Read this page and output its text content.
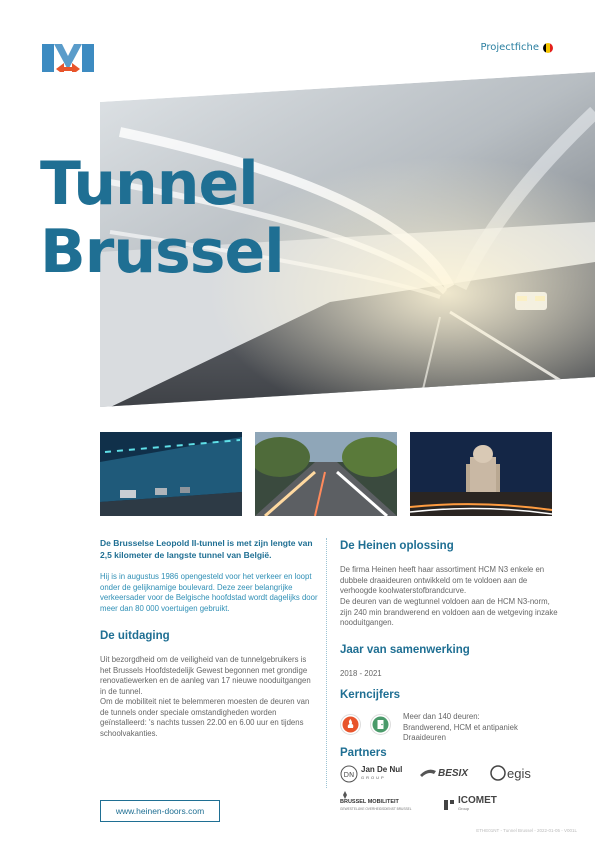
Projectfiche
Tunnel
Brussel
De Brusselse Leopold II-tunnel is met zijn lengte van 2,5 kilometer de langste tunnel van België.
Hij is in augustus 1986 opengesteld voor het verkeer en loopt onder de gelijknamige boulevard. Deze zeer belangrijke verkeersader voor de Belgische hoofdstad wordt dagelijks door meer dan 80 000 voertuigen gebruikt.
De uitdaging
Uit bezorgdheid om de veiligheid van de tunnelgebruikers is het Brussels Hoofdstedelijk Gewest begonnen met grondige renovatiewerken en de aanleg van 17 nieuwe nooduitgangen in de tunnel.
Om de mobiliteit niet te belemmeren moesten de deuren van de tunnels onder speciale omstandigheden worden geïnstalleerd: 's nachts tussen 22.00 en 6.00 uur en tijdens schoolvakanties.
De Heinen oplossing
De firma Heinen heeft haar assortiment HCM N3 enkele en dubbele draaideuren ontwikkeld om te voldoen aan de verhoogde koolwaterstofbrandcurve.
De deuren van de wegtunnel voldoen aan de HCM N3-norm, zijn 240 min brandwerend en voldoen aan de wetgeving inzake nooduitgangen.
Jaar van samenwerking
2018 - 2021
Kerncijfers
Meer dan 140 deuren:
Brandwerend, HCM et antipaniek
Draaideuren
Partners
DN
Jan De Nul
GROUP	BESIX	egis
BRUSSEL MOBILITEIT
GEWESTELIJKE OVERHEIDSDIENST BRUSSEL
ICOMET
Group
www.heinen-doors.com
ETHE01NT - Tunnel Brussel - 2022-01-05 - V001L
